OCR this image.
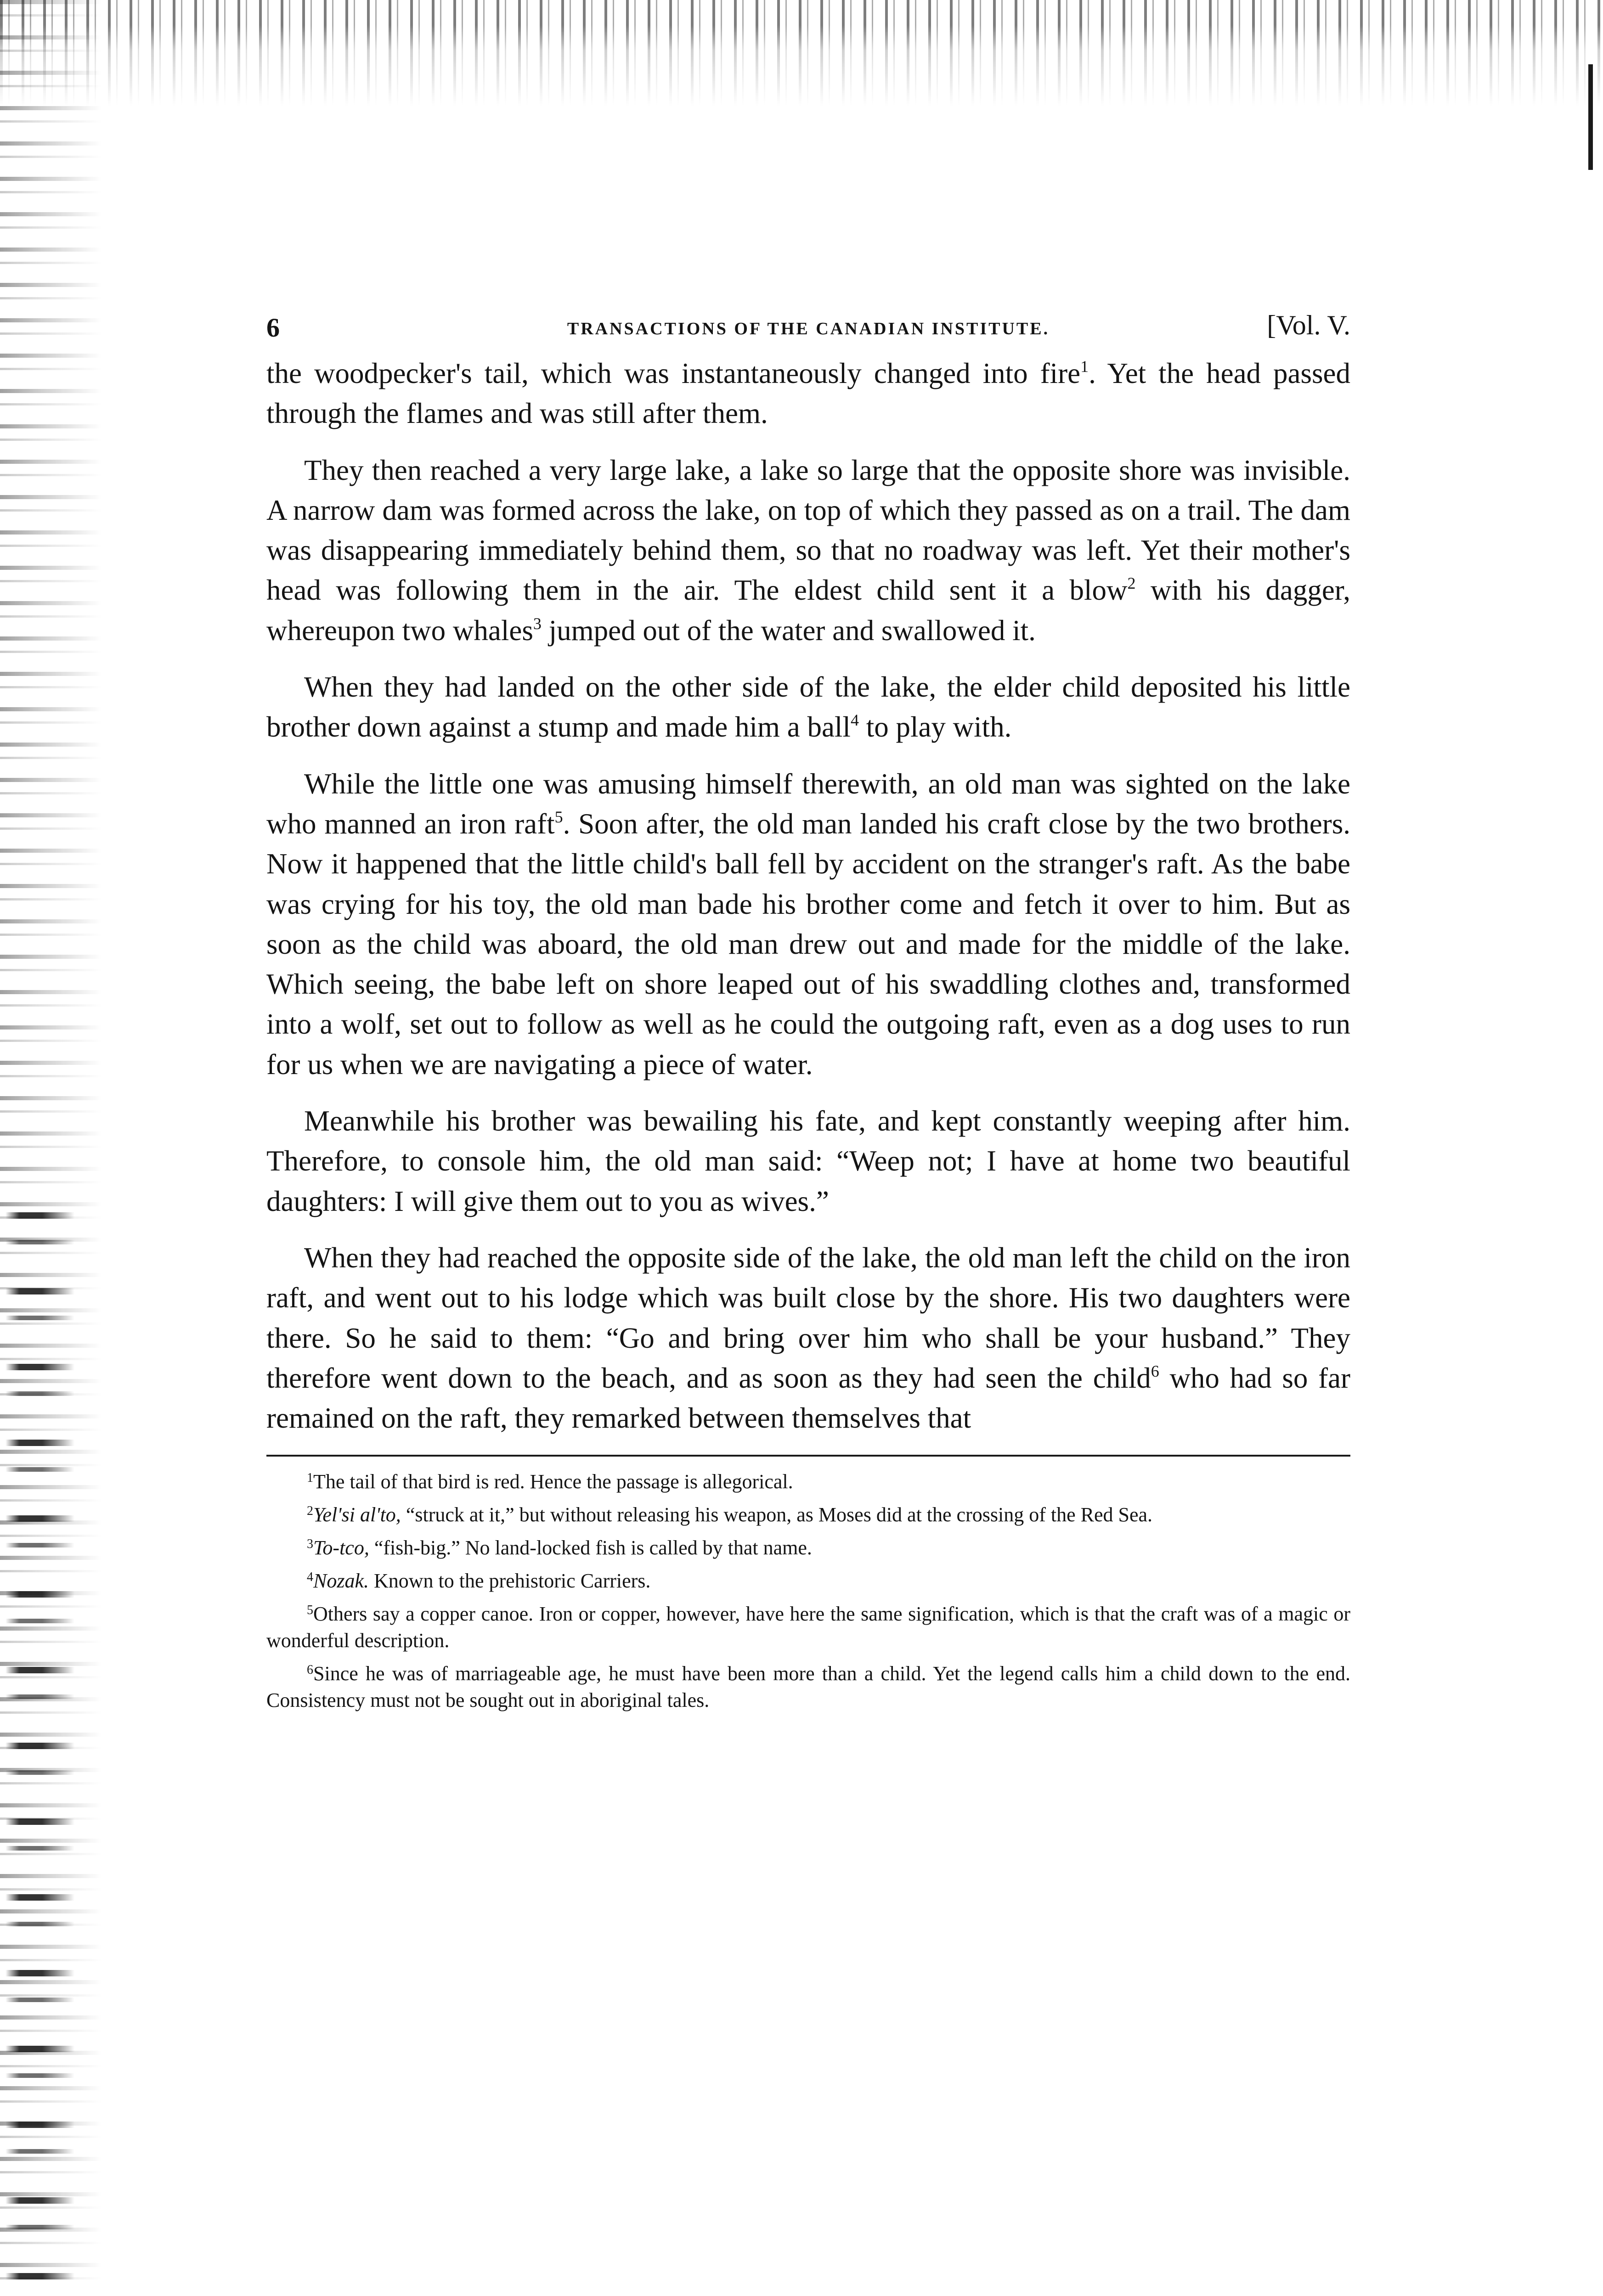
6	TRANSACTIONS OF THE CANADIAN INSTITUTE.	[Vol. V.

the woodpecker's tail, which was instantaneously changed into fire$^1$. Yet the head passed through the flames and was still after them.

They then reached a very large lake, a lake so large that the opposite shore was invisible. A narrow dam was formed across the lake, on top of which they passed as on a trail. The dam was disappearing immediately behind them, so that no roadway was left. Yet their mother's head was following them in the air. The eldest child sent it a blow$^2$ with his dagger, whereupon two whales$^3$ jumped out of the water and swallowed it.

When they had landed on the other side of the lake, the elder child deposited his little brother down against a stump and made him a ball$^4$ to play with.

While the little one was amusing himself therewith, an old man was sighted on the lake who manned an iron raft$^5$. Soon after, the old man landed his craft close by the two brothers. Now it happened that the little child's ball fell by accident on the stranger's raft. As the babe was crying for his toy, the old man bade his brother come and fetch it over to him. But as soon as the child was aboard, the old man drew out and made for the middle of the lake. Which seeing, the babe left on shore leaped out of his swaddling clothes and, transformed into a wolf, set out to follow as well as he could the outgoing raft, even as a dog uses to run for us when we are navigating a piece of water.

Meanwhile his brother was bewailing his fate, and kept constantly weeping after him. Therefore, to console him, the old man said: “Weep not; I have at home two beautiful daughters: I will give them out to you as wives.”

When they had reached the opposite side of the lake, the old man left the child on the iron raft, and went out to his lodge which was built close by the shore. His two daughters were there. So he said to them: “Go and bring over him who shall be your husband.” They therefore went down to the beach, and as soon as they had seen the child$^6$ who had so far remained on the raft, they remarked between themselves that

$^1$The tail of that bird is red. Hence the passage is allegorical.
$^2$Yel'si al'to, “struck at it,” but without releasing his weapon, as Moses did at the crossing of the Red Sea.
$^3$To-tco, “fish-big.” No land-locked fish is called by that name.
$^4$Nozak. Known to the prehistoric Carriers.
$^5$Others say a copper canoe. Iron or copper, however, have here the same signification, which is that the craft was of a magic or wonderful description.
$^6$Since he was of marriageable age, he must have been more than a child. Yet the legend calls him a child down to the end. Consistency must not be sought out in aboriginal tales.
